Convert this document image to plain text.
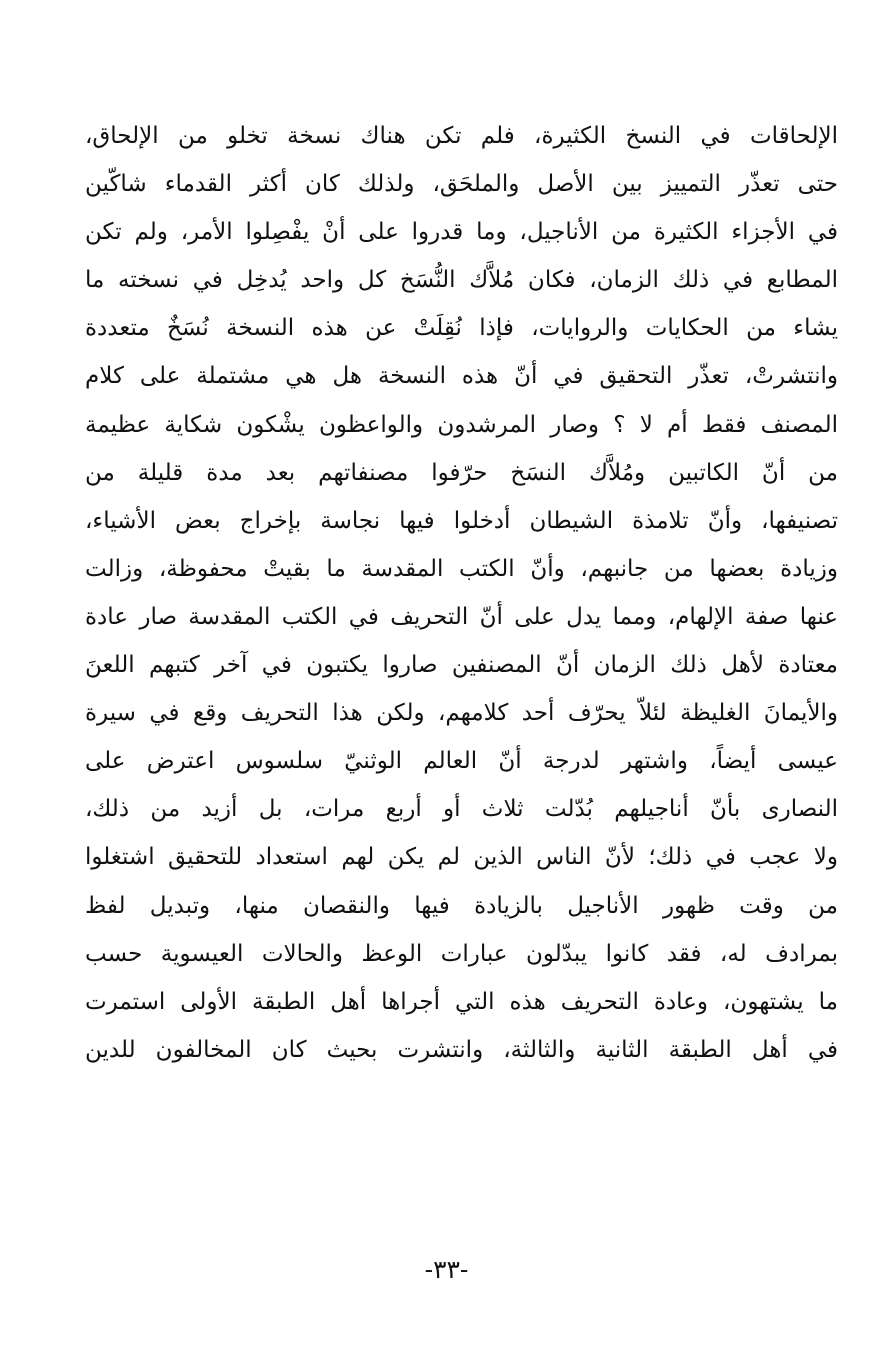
الإلحاقات في النسخ الكثيرة، فلم تكن هناك نسخة تخلو من الإلحاق،
حتى تعذّر التمييز بين الأصل والملحَق، ولذلك كان أكثر القدماء شاكّين
في الأجزاء الكثيرة من الأناجيل، وما قدروا على أنْ يفْصِلوا الأمر، ولم تكن
المطابع في ذلك الزمان، فكان مُلاَّك النُّسَخ كل واحد يُدخِل في نسخته ما
يشاء من الحكايات والروايات، فإذا نُقِلَتْ عن هذه النسخة نُسَخٌ متعددة
وانتشرتْ، تعذّر التحقيق في أنّ هذه النسخة هل هي مشتملة على كلام
المصنف فقط أم لا ؟ وصار المرشدون والواعظون يشْكون شكاية عظيمة
من أنّ الكاتبين ومُلاَّك النسَخ حرّفوا مصنفاتهم بعد مدة قليلة من
تصنيفها، وأنّ تلامذة الشيطان أدخلوا فيها نجاسة بإخراج بعض الأشياء،
وزيادة بعضها من جانبهم، وأنّ الكتب المقدسة ما بقيتْ محفوظة، وزالت
عنها صفة الإلهام، ومما يدل على أنّ التحريف في الكتب المقدسة صار عادة
معتادة لأهل ذلك الزمان أنّ المصنفين صاروا يكتبون في آخر كتبهم اللعنَ
والأيمانَ الغليظة لئلاّ يحرّف أحد كلامهم، ولكن هذا التحريف وقع في سيرة
عيسى أيضاً، واشتهر لدرجة أنّ العالم الوثنيّ سلسوس اعترض على
النصارى بأنّ أناجيلهم بُدّلت ثلاث أو أربع مرات، بل أزيد من ذلك،
ولا عجب في ذلك؛ لأنّ الناس الذين لم يكن لهم استعداد للتحقيق اشتغلوا
من وقت ظهور الأناجيل بالزيادة فيها والنقصان منها، وتبديل لفظ
بمرادف له، فقد كانوا يبدّلون عبارات الوعظ والحالات العيسوية حسب
ما يشتهون، وعادة التحريف هذه التي أجراها أهل الطبقة الأولى استمرت
في أهل الطبقة الثانية والثالثة، وانتشرت بحيث كان المخالفون للدين
-٣٣-
